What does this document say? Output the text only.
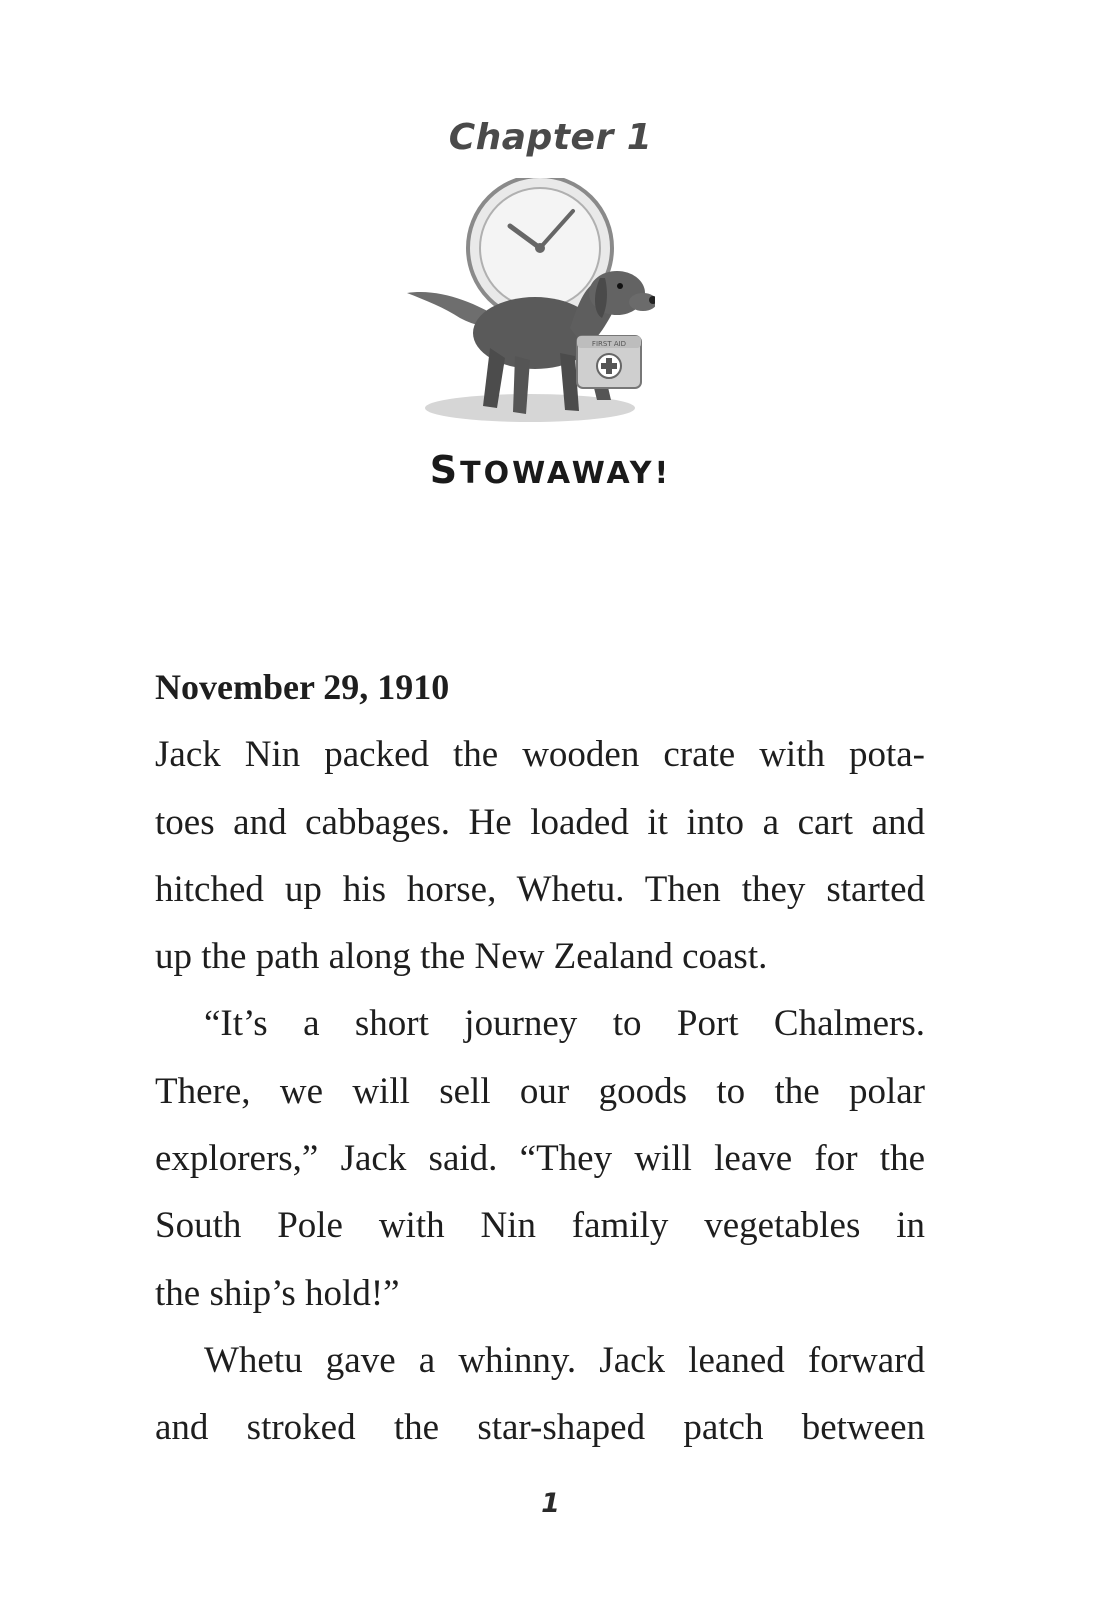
Chapter 1
FIRST AID
STOWAWAY!
November 29, 1910
Jack Nin packed the wooden crate with pota-
toes and cabbages. He loaded it into a cart and
hitched up his horse, Whetu. Then they started
up the path along the New Zealand coast.
“It’s a short journey to Port Chalmers.
There, we will sell our goods to the polar
explorers,” Jack said. “They will leave for the
South Pole with Nin family vegetables in
the ship’s hold!”
Whetu gave a whinny. Jack leaned forward
and stroked the star-shaped patch between
1
